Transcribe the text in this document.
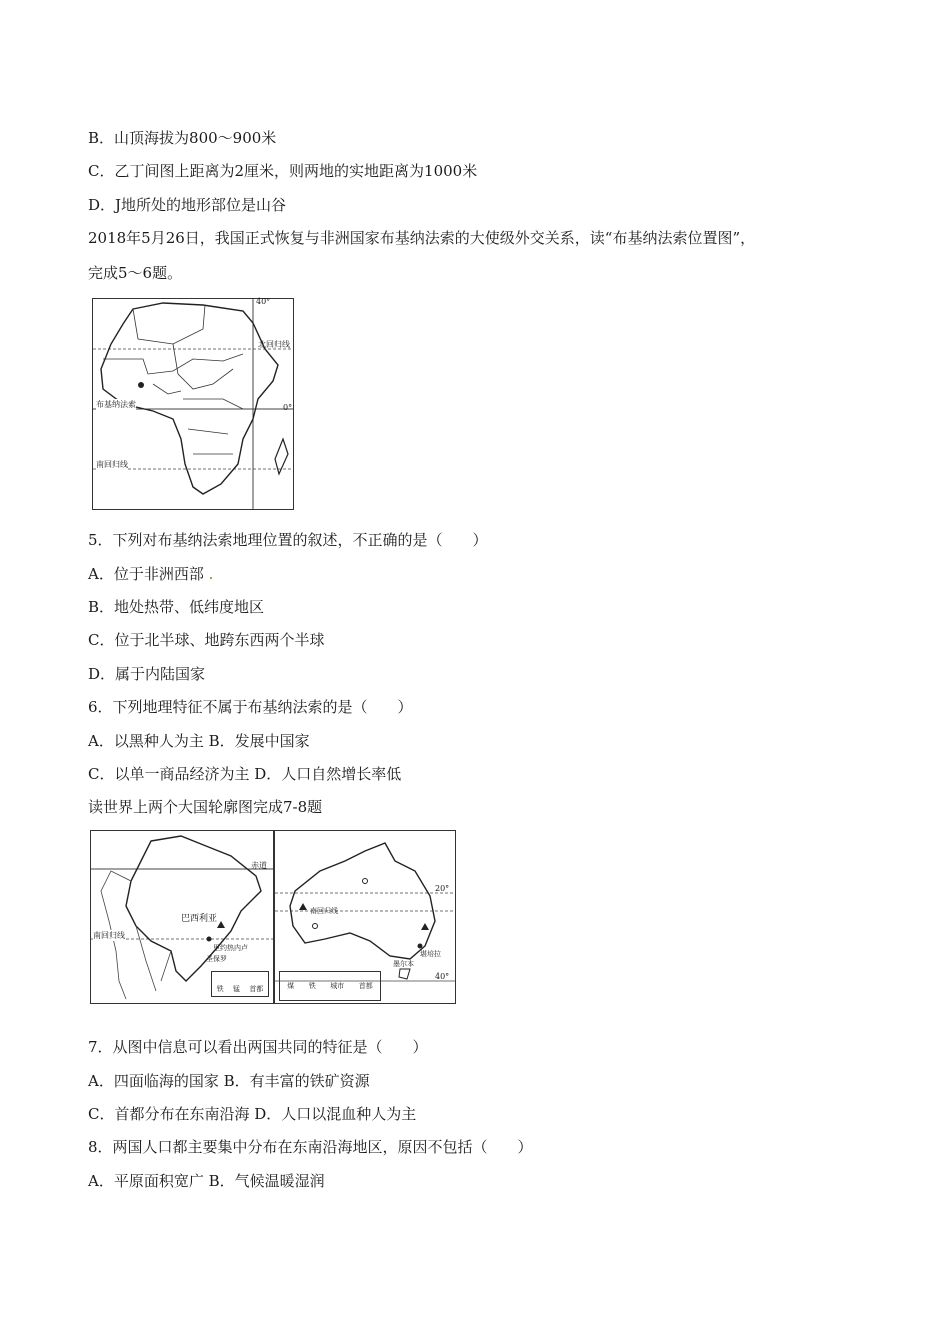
B．山顶海拔为800～900米
C．乙丁间图上距离为2厘米，则两地的实地距离为1000米
D．J地所处的地形部位是山谷
2018年5月26日，我国正式恢复与非洲国家布基纳法索的大使级外交关系，读“布基纳法索位置图”，
完成5～6题。
40°
北回归线
0°
布基纳法索
南回归线
5．下列对布基纳法索地理位置的叙述，不正确的是（　　）
A．位于非洲西部 .
B．地处热带、低纬度地区
C．位于北半球、地跨东西两个半球
D．属于内陆国家
6．下列地理特征不属于布基纳法索的是（　　）
A．以黑种人为主 B．发展中国家
C．以单一商品经济为主 D．人口自然增长率低
读世界上两个大国轮廓图完成7-8题
赤道
巴西利亚
南回归线
里约热内卢
圣保罗
铁 锰 首都
20°
南回归线
墨尔本
堪培拉
40°
煤 铁 城市 首都
7．从图中信息可以看出两国共同的特征是（　　）
A．四面临海的国家 B．有丰富的铁矿资源
C．首都分布在东南沿海 D．人口以混血种人为主
8．两国人口都主要集中分布在东南沿海地区，原因不包括（　　）
A．平原面积宽广 B．气候温暖湿润
